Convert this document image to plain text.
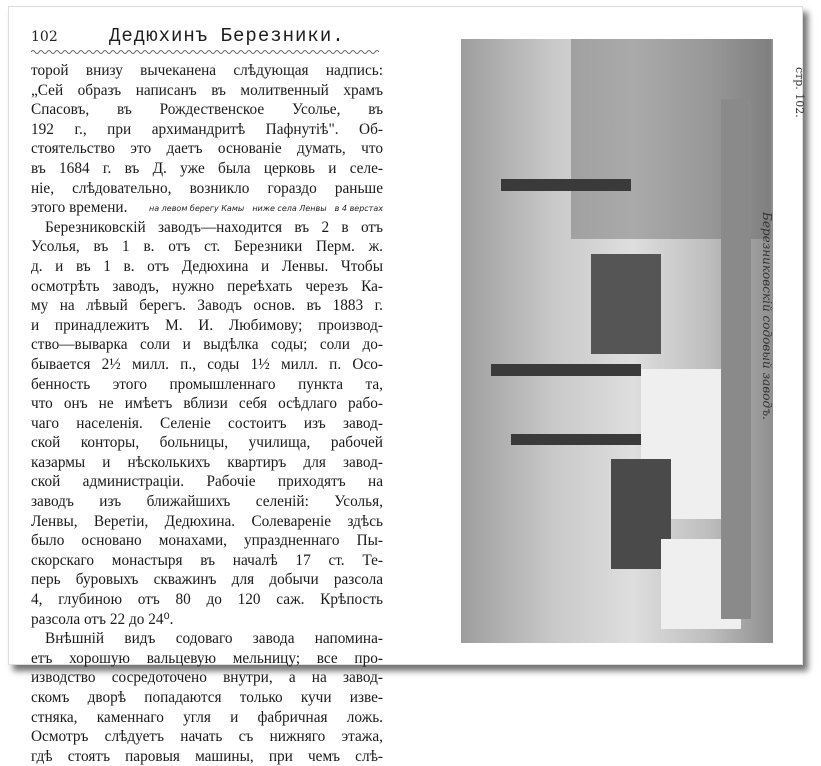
102	Дедюхинъ Березники.
торой внизу вычеканена слѣдующая надпись:
„Сей образъ написанъ въ молитвенный храмъ
Спасовъ, въ Рождественское Усолье, въ
192 г., при архимандритѣ Пафнутіѣ". Об-
стоятельство это даетъ основаніе думать, что
въ 1684 г. въ Д. уже была церковь и селе-
ніе, слѣдовательно, возникло гораздо раньше
этого времени.
Березниковскій заводъ—находится въ 2 в отъ
Усолья, въ 1 в. отъ ст. Березники Перм. ж.
д. и въ 1 в. отъ Дедюхина и Ленвы. Чтобы
осмотрѣть заводъ, нужно переѣхать черезъ Ка-
му на лѣвый берегъ. Заводъ основ. въ 1883 г.
и принадлежитъ М. И. Любимову; производ-
ство—выварка соли и выдѣлка соды; соли до-
бывается 2½ милл. п., соды 1½ милл. п. Осо-
бенность этого промышленнаго пункта та,
что онъ не имѣетъ вблизи себя осѣдлаго рабо-
чаго населенія. Селеніе состоитъ изъ завод-
ской конторы, больницы, училища, рабочей
казармы и нѣсколькихъ квартиръ для завод-
ской администраціи. Рабочіе приходятъ на
заводъ изъ ближайшихъ селеній: Усолья,
Ленвы, Веретіи, Дедюхина. Солевареніе здѣсь
было основано монахами, упраздненнаго Пы-
скорскаго монастыря въ началѣ 17 ст. Те-
перь буровыхъ скважинъ для добычи разсола
4, глубиною отъ 80 до 120 саж. Крѣпость
разсола отъ 22 до 24⁰.
Внѣшній видъ содоваго завода напомина-
етъ хорошую вальцевую мельницу; все про-
изводство сосредоточено внутри, а на завод-
скомъ дворѣ попадаются только кучи изве-
стняка, каменнаго угля и фабричная ложь.
Осмотръ слѣдуетъ начать съ нижняго этажа,
гдѣ стоятъ паровыя машины, при чемъ слѣ-
на левом берегу Камы ниже села Ленвы в 4 верстах
Березниковскій содовый заводъ.
стр. 102.
